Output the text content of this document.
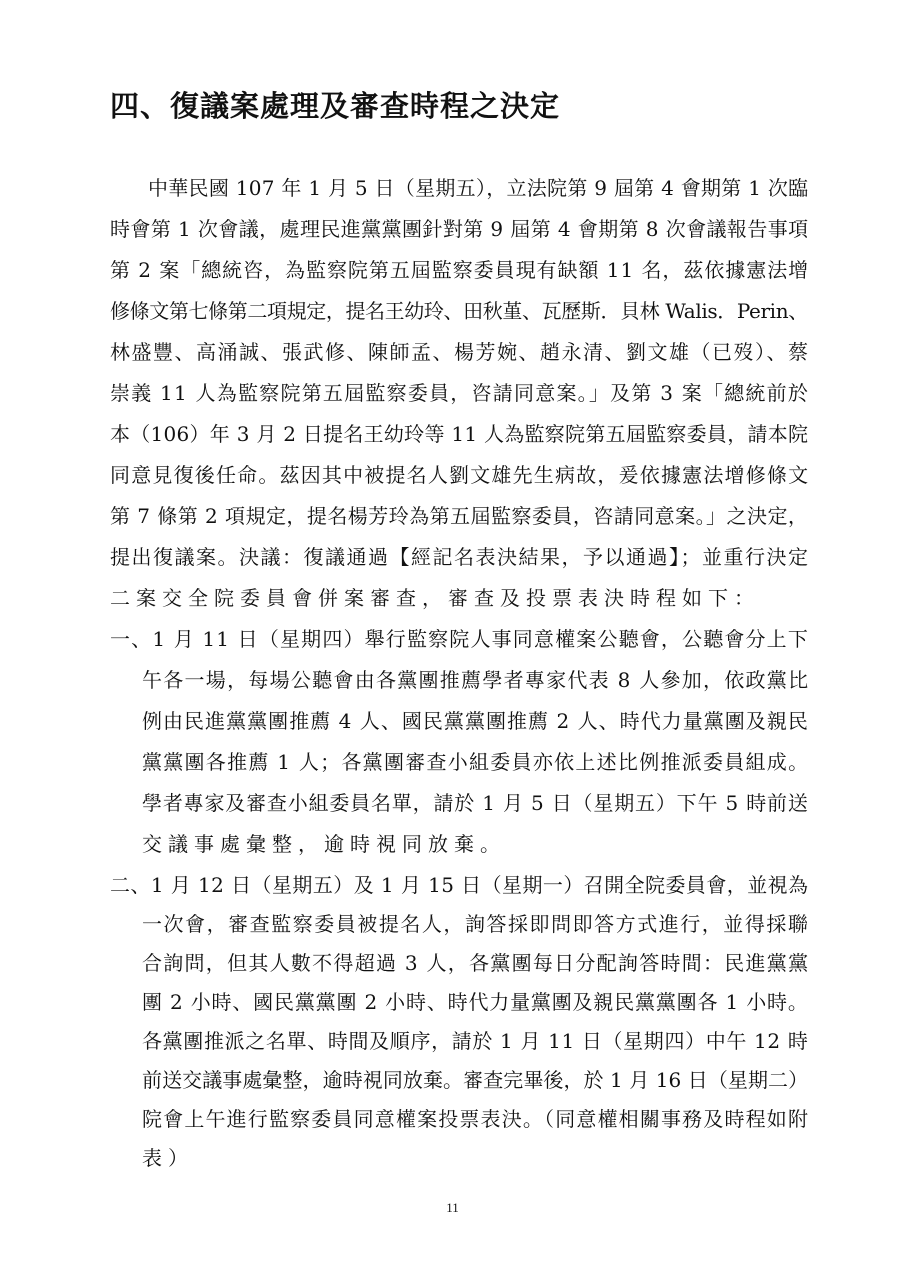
四、復議案處理及審查時程之決定
中華民國 107 年 1 月 5 日（星期五），立法院第 9 屆第 4 會期第 1 次臨
時會第 1 次會議，處理民進黨黨團針對第 9 屆第 4 會期第 8 次會議報告事項
第 2 案「總統咨，為監察院第五屆監察委員現有缺額 11 名，茲依據憲法增
修條文第七條第二項規定，提名王幼玲、田秋堇、瓦歷斯．貝林 Walis．Perin、
林盛豐、高涌誠、張武修、陳師孟、楊芳婉、趙永清、劉文雄（已歿）、蔡
崇義 11 人為監察院第五屆監察委員，咨請同意案。」及第 3 案「總統前於
本（106）年 3 月 2 日提名王幼玲等 11 人為監察院第五屆監察委員，請本院
同意見復後任命。茲因其中被提名人劉文雄先生病故，爰依據憲法增修條文
第 7 條第 2 項規定，提名楊芳玲為第五屆監察委員，咨請同意案。」之決定，
提出復議案。決議：復議通過【經記名表決結果，予以通過】；並重行決定
二案交全院委員會併案審查，審查及投票表決時程如下：
一、1 月 11 日（星期四）舉行監察院人事同意權案公聽會，公聽會分上下
午各一場，每場公聽會由各黨團推薦學者專家代表 8 人參加，依政黨比
例由民進黨黨團推薦 4 人、國民黨黨團推薦 2 人、時代力量黨團及親民
黨黨團各推薦 1 人；各黨團審查小組委員亦依上述比例推派委員組成。
學者專家及審查小組委員名單，請於 1 月 5 日（星期五）下午 5 時前送
交議事處彙整，逾時視同放棄。
二、1 月 12 日（星期五）及 1 月 15 日（星期一）召開全院委員會，並視為
一次會，審查監察委員被提名人，詢答採即問即答方式進行，並得採聯
合詢問，但其人數不得超過 3 人，各黨團每日分配詢答時間：民進黨黨
團 2 小時、國民黨黨團 2 小時、時代力量黨團及親民黨黨團各 1 小時。
各黨團推派之名單、時間及順序，請於 1 月 11 日（星期四）中午 12 時
前送交議事處彙整，逾時視同放棄。審查完畢後，於 1 月 16 日（星期二）
院會上午進行監察委員同意權案投票表決。（同意權相關事務及時程如附
表）
11
